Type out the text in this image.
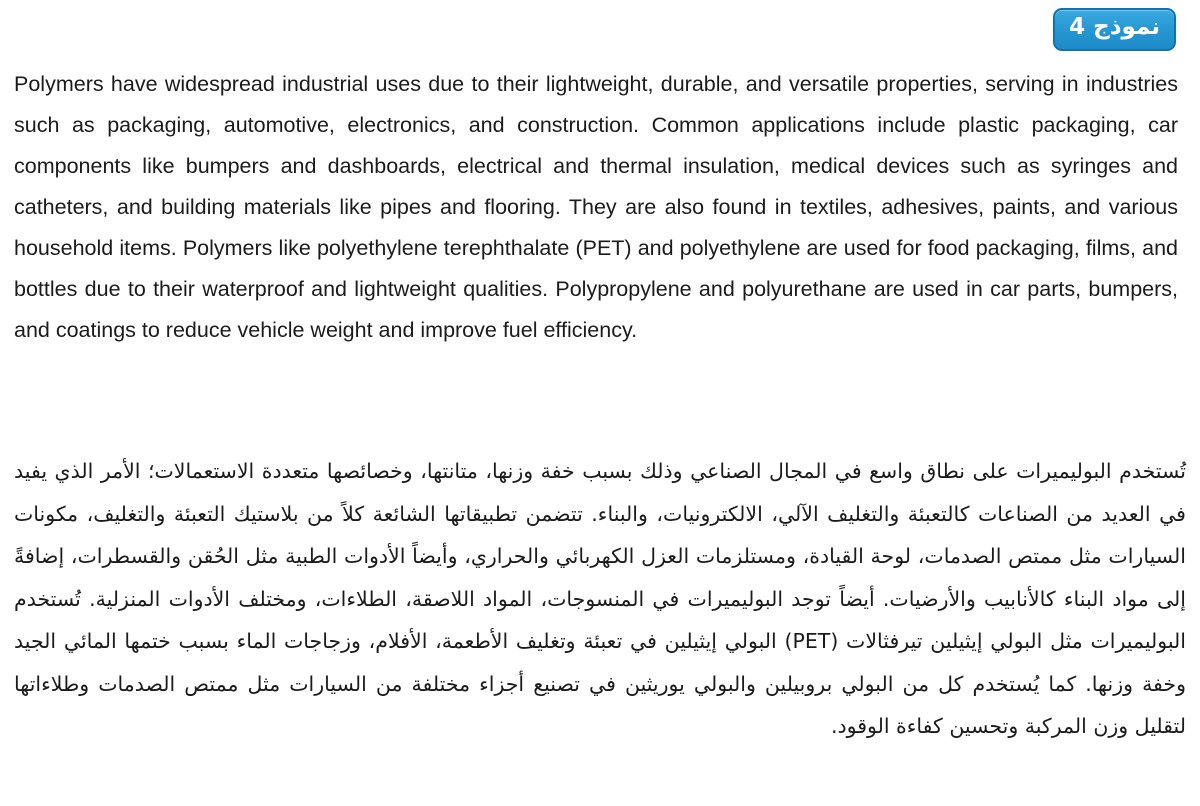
نموذج 4

Polymers have widespread industrial uses due to their lightweight, durable, and versatile properties, serving in industries such as packaging, automotive, electronics, and construction. Common applications include plastic packaging, car components like bumpers and dashboards, electrical and thermal insulation, medical devices such as syringes and catheters, and building materials like pipes and flooring. They are also found in textiles, adhesives, paints, and various household items. Polymers like polyethylene terephthalate (PET) and polyethylene are used for food packaging, films, and bottles due to their waterproof and lightweight qualities. Polypropylene and polyurethane are used in car parts, bumpers, and coatings to reduce vehicle weight and improve fuel efficiency.

تُستخدم البوليميرات على نطاق واسع في المجال الصناعي وذلك بسبب خفة وزنها، متانتها، وخصائصها متعددة الاستعمالات؛ الأمر الذي يفيد في العديد من الصناعات كالتعبئة والتغليف الآلي، الالكترونيات، والبناء. تتضمن تطبيقاتها الشائعة كلاً من بلاستيك التعبئة والتغليف، مكونات السيارات مثل ممتص الصدمات، لوحة القيادة، ومستلزمات العزل الكهربائي والحراري، وأيضاً الأدوات الطبية مثل الحُقن والقسطرات، إضافةً إلى مواد البناء كالأنابيب والأرضيات. أيضاً توجد البوليميرات في المنسوجات، المواد اللاصقة، الطلاءات، ومختلف الأدوات المنزلية. تُستخدم البوليميرات مثل البولي إيثيلين تيرفثالات (PET) البولي إيثيلين في تعبئة وتغليف الأطعمة، الأفلام، وزجاجات الماء بسبب ختمها المائي الجيد وخفة وزنها. كما يُستخدم كل من البولي بروبيلين والبولي يوريثين في تصنيع أجزاء مختلفة من السيارات مثل ممتص الصدمات وطلاءاتها لتقليل وزن المركبة وتحسين كفاءة الوقود.
